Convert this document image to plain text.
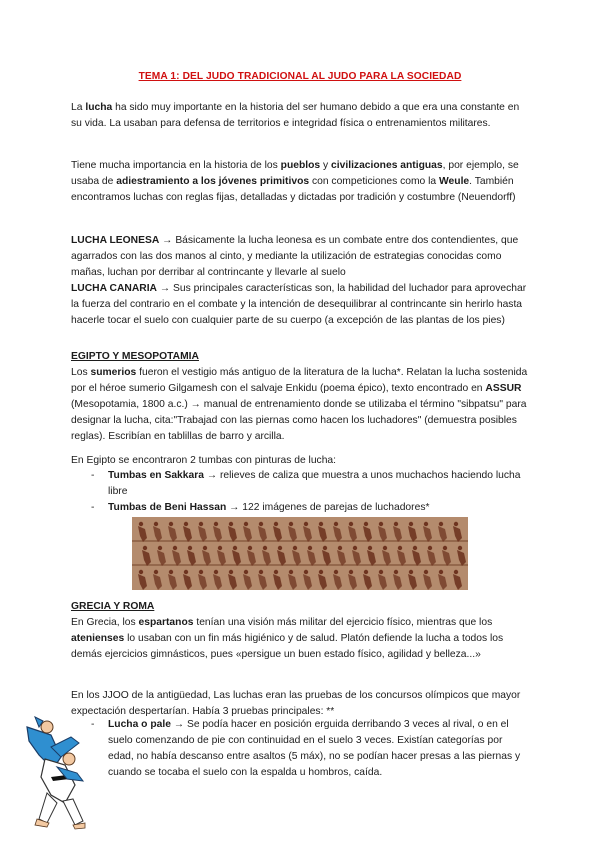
TEMA 1: DEL JUDO TRADICIONAL AL JUDO PARA LA SOCIEDAD
La lucha ha sido muy importante en la historia del ser humano debido a que era una constante en su vida. La usaban para defensa de territorios e integridad física o entrenamientos militares.
Tiene mucha importancia en la historia de los pueblos y civilizaciones antiguas, por ejemplo, se usaba de adiestramiento a los jóvenes primitivos con competiciones como la Weule. También encontramos luchas con reglas fijas, detalladas y dictadas por tradición y costumbre (Neuendorff)
LUCHA LEONESA → Básicamente la lucha leonesa es un combate entre dos contendientes, que agarrados con las dos manos al cinto, y mediante la utilización de estrategias conocidas como mañas, luchan por derribar al contrincante y llevarle al suelo
LUCHA CANARIA → Sus principales características son, la habilidad del luchador para aprovechar la fuerza del contrario en el combate y la intención de desequilibrar al contrincante sin herirlo hasta hacerle tocar el suelo con cualquier parte de su cuerpo (a excepción de las plantas de los pies)
EGIPTO Y MESOPOTAMIA
Los sumerios fueron el vestigio más antiguo de la literatura de la lucha*. Relatan la lucha sostenida por el héroe sumerio Gilgamesh con el salvaje Enkidu (poema épico), texto encontrado en ASSUR (Mesopotamia, 1800 a.c.) → manual de entrenamiento donde se utilizaba el término "sibpatsu" para designar la lucha, cita:"Trabajad con las piernas como hacen los luchadores" (demuestra posibles reglas). Escribían en tablillas de barro y arcilla.
En Egipto se encontraron 2 tumbas con pinturas de lucha:
- Tumbas en Sakkara → relieves de caliza que muestra a unos muchachos haciendo lucha libre
- Tumbas de Beni Hassan → 122 imágenes de parejas de luchadores*
GRECIA Y ROMA
En Grecia, los espartanos tenían una visión más militar del ejercicio físico, mientras que los atenienses lo usaban con un fin más higiénico y de salud. Platón defiende la lucha a todos los demás ejercicios gimnásticos, pues «persigue un buen estado físico, agilidad y belleza...»
En los JJOO de la antigüedad, Las luchas eran las pruebas de los concursos olímpicos que mayor expectación despertarían. Había 3 pruebas principales: **
- Lucha o pale → Se podía hacer en posición erguida derribando 3 veces al rival, o en el suelo comenzando de pie con continuidad en el suelo 3 veces. Existían categorías por edad, no había descanso entre asaltos (5 máx), no se podían hacer presas a las piernas y cuando se tocaba el suelo con la espalda u hombros, caída.
